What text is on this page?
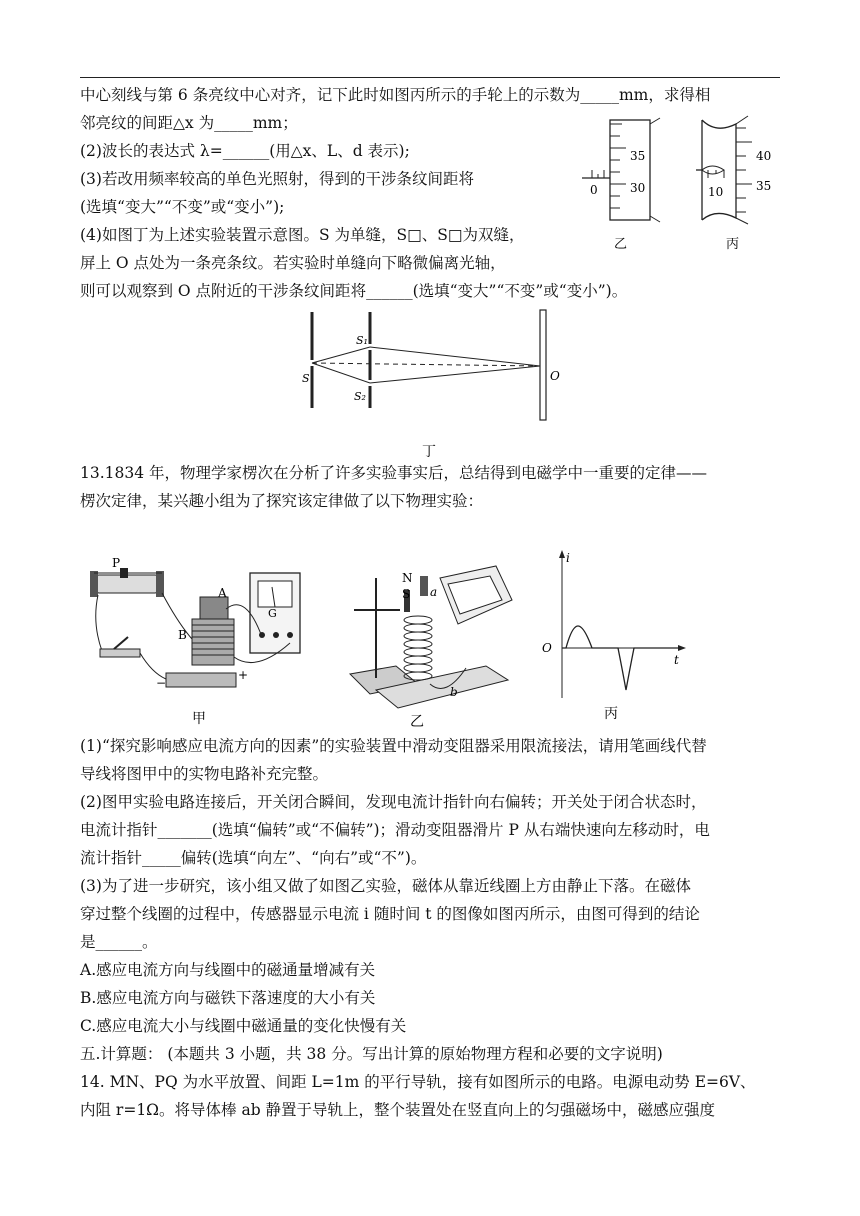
中心刻线与第 6 条亮纹中心对齐，记下此时如图丙所示的手轮上的示数为_____mm，求得相
邻亮纹的间距△x 为_____mm；
(2)波长的表达式 λ=______(用△x、L、d 表示);
(3)若改用频率较高的单色光照射，得到的干涉条纹间距将
(选填“变大”“不变”或“变小”);
(4)如图丁为上述实验装置示意图。S 为单缝，S□、S□为双缝，
屏上 O 点处为一条亮条纹。若实验时单缝向下略微偏离光轴，
则可以观察到 O 点附近的干涉条纹间距将______(选填“变大”“不变”或“变小”)。
35
30
0
乙
40
35
10
丙
S₁
S
S₂
O
丁
13.1834 年，物理学家楞次在分析了许多实验事实后，总结得到电磁学中一重要的定律——
楞次定律，某兴趣小组为了探究该定律做了以下物理实验：
P
A
B
G
−
+
甲
N
S a
b
乙
i
O
t
丙
(1)“探究影响感应电流方向的因素”的实验装置中滑动变阻器采用限流接法，请用笔画线代替
导线将图甲中的实物电路补充完整。
(2)图甲实验电路连接后，开关闭合瞬间，发现电流计指针向右偏转；开关处于闭合状态时，
电流计指针_______(选填“偏转”或“不偏转”)；滑动变阻器滑片 P 从右端快速向左移动时，电
流计指针_____偏转(选填“向左”、“向右”或“不”)。
(3)为了进一步研究，该小组又做了如图乙实验，磁体从靠近线圈上方由静止下落。在磁体
穿过整个线圈的过程中，传感器显示电流 i 随时间 t 的图像如图丙所示，由图可得到的结论
是______。
A.感应电流方向与线圈中的磁通量增减有关
B.感应电流方向与磁铁下落速度的大小有关
C.感应电流大小与线圈中磁通量的变化快慢有关
五.计算题： (本题共 3 小题，共 38 分。写出计算的原始物理方程和必要的文字说明)
14. MN、PQ 为水平放置、间距 L=1m 的平行导轨，接有如图所示的电路。电源电动势 E=6V、
内阻 r=1Ω。将导体棒 ab 静置于导轨上，整个装置处在竖直向上的匀强磁场中，磁感应强度
